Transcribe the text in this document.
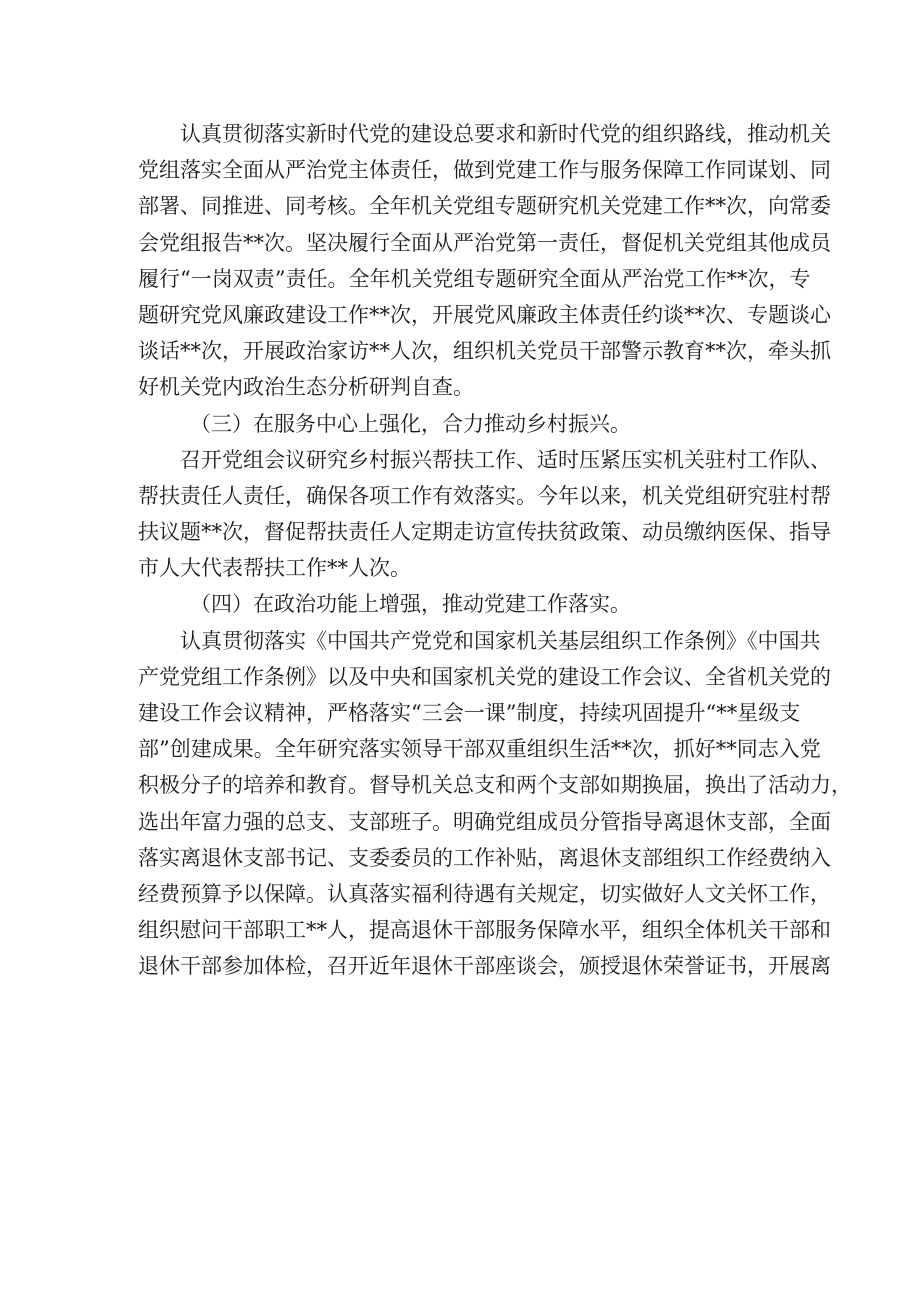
认真贯彻落实新时代党的建设总要求和新时代党的组织路线，推动机关
党组落实全面从严治党主体责任，做到党建工作与服务保障工作同谋划、同
部署、同推进、同考核。全年机关党组专题研究机关党建工作**次，向常委
会党组报告**次。坚决履行全面从严治党第一责任，督促机关党组其他成员
履行“一岗双责”责任。全年机关党组专题研究全面从严治党工作**次，专
题研究党风廉政建设工作**次，开展党风廉政主体责任约谈**次、专题谈心
谈话**次，开展政治家访**人次，组织机关党员干部警示教育**次，牵头抓
好机关党内政治生态分析研判自查。
（三）在服务中心上强化，合力推动乡村振兴。
召开党组会议研究乡村振兴帮扶工作、适时压紧压实机关驻村工作队、
帮扶责任人责任，确保各项工作有效落实。今年以来，机关党组研究驻村帮
扶议题**次，督促帮扶责任人定期走访宣传扶贫政策、动员缴纳医保、指导
市人大代表帮扶工作**人次。
（四）在政治功能上增强，推动党建工作落实。
认真贯彻落实《中国共产党党和国家机关基层组织工作条例》《中国共
产党党组工作条例》以及中央和国家机关党的建设工作会议、全省机关党的
建设工作会议精神，严格落实“三会一课”制度，持续巩固提升“**星级支
部”创建成果。全年研究落实领导干部双重组织生活**次，抓好**同志入党
积极分子的培养和教育。督导机关总支和两个支部如期换届，换出了活动力，
选出年富力强的总支、支部班子。明确党组成员分管指导离退休支部，全面
落实离退休支部书记、支委委员的工作补贴，离退休支部组织工作经费纳入
经费预算予以保障。认真落实福利待遇有关规定，切实做好人文关怀工作，
组织慰问干部职工**人，提高退休干部服务保障水平，组织全体机关干部和
退休干部参加体检，召开近年退休干部座谈会，颁授退休荣誉证书，开展离
